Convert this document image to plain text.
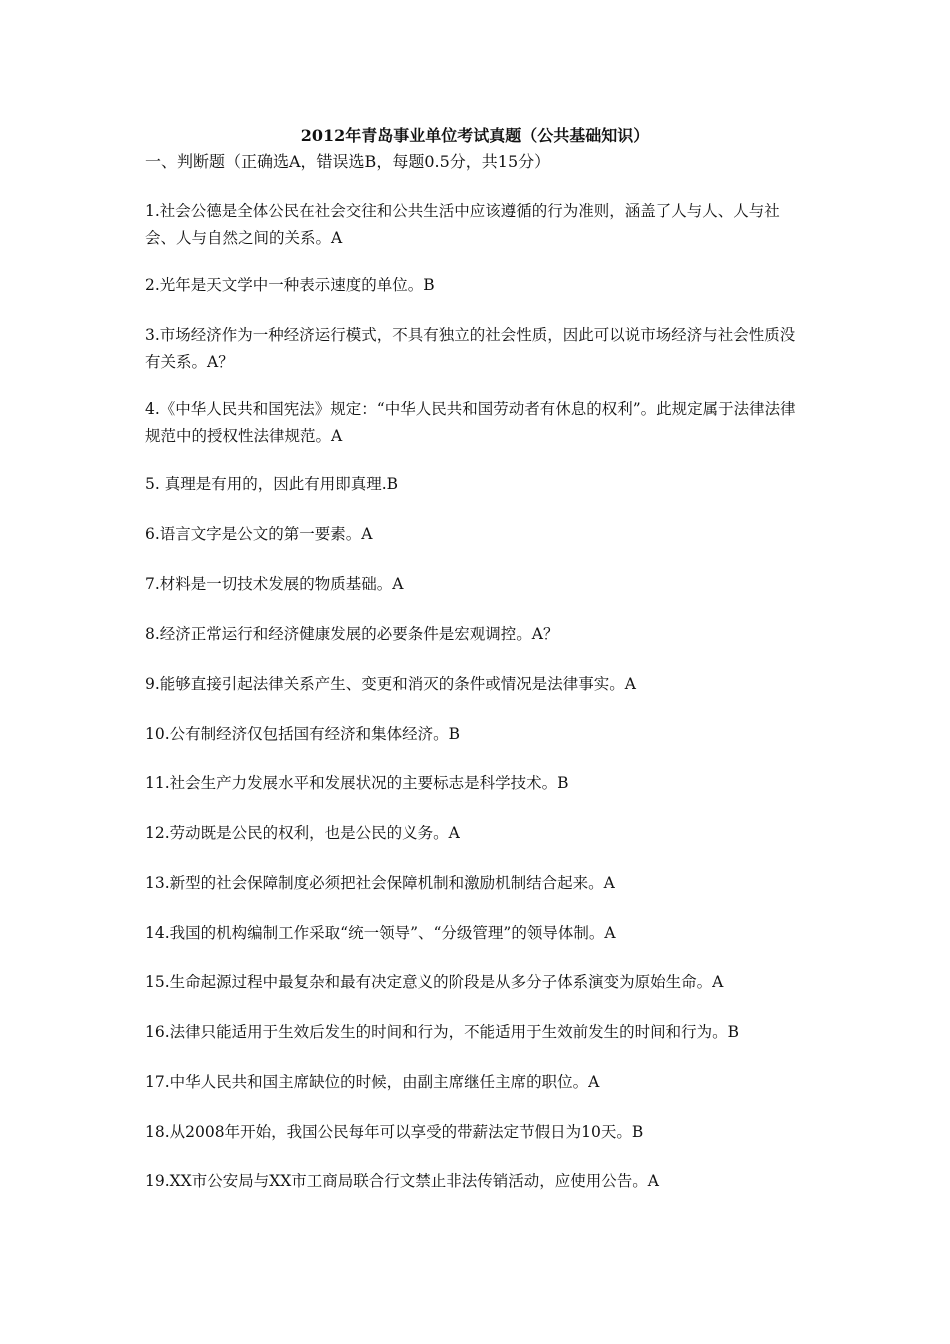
2012年青岛事业单位考试真题（公共基础知识）
一、判断题（正确选A，错误选B，每题0.5分，共15分）
1.社会公德是全体公民在社会交往和公共生活中应该遵循的行为准则，涵盖了人与人、人与社会、人与自然之间的关系。A
2.光年是天文学中一种表示速度的单位。B
3.市场经济作为一种经济运行模式，不具有独立的社会性质，因此可以说市场经济与社会性质没有关系。A？
4.《中华人民共和国宪法》规定：“中华人民共和国劳动者有休息的权利”。此规定属于法律法律规范中的授权性法律规范。A
5. 真理是有用的，因此有用即真理.B
6.语言文字是公文的第一要素。A
7.材料是一切技术发展的物质基础。A
8.经济正常运行和经济健康发展的必要条件是宏观调控。A？
9.能够直接引起法律关系产生、变更和消灭的条件或情况是法律事实。A
10.公有制经济仅包括国有经济和集体经济。B
11.社会生产力发展水平和发展状况的主要标志是科学技术。B
12.劳动既是公民的权利，也是公民的义务。A
13.新型的社会保障制度必须把社会保障机制和激励机制结合起来。A
14.我国的机构编制工作采取“统一领导”、“分级管理”的领导体制。A
15.生命起源过程中最复杂和最有决定意义的阶段是从多分子体系演变为原始生命。A
16.法律只能适用于生效后发生的时间和行为，不能适用于生效前发生的时间和行为。B
17.中华人民共和国主席缺位的时候，由副主席继任主席的职位。A
18.从2008年开始，我国公民每年可以享受的带薪法定节假日为10天。B
19.XX市公安局与XX市工商局联合行文禁止非法传销活动，应使用公告。A
